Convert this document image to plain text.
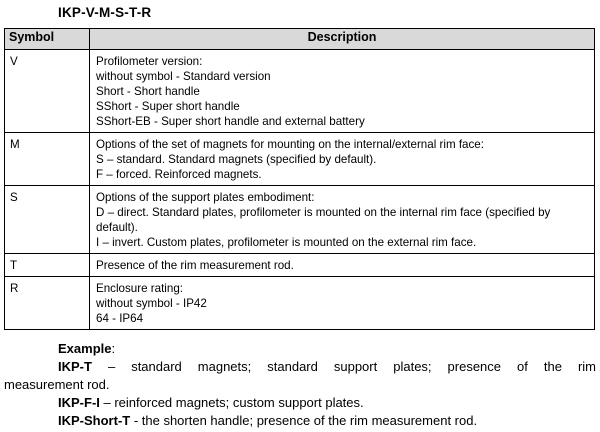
IKP-V-M-S-T-R
Symbol	Description
V	Profilometer version:
without symbol - Standard version
Short - Short handle
SShort - Super short handle
SShort-EB - Super short handle and external battery

M	Options of the set of magnets for mounting on the internal/external rim face:
S – standard. Standard magnets (specified by default).
F – forced. Reinforced magnets.

S	Options of the support plates embodiment:
D – direct. Standard plates, profilometer is mounted on the internal rim face (specified by default).
I – invert. Custom plates, profilometer is mounted on the external rim face.

T	Presence of the rim measurement rod.

R	Enclosure rating:
without symbol - IP42
64 - IP64
Example:
IKP-T – standard magnets; standard support plates; presence of the rim
measurement rod.
IKP-F-I – reinforced magnets; custom support plates.
IKP-Short-T - the shorten handle; presence of the rim measurement rod.
